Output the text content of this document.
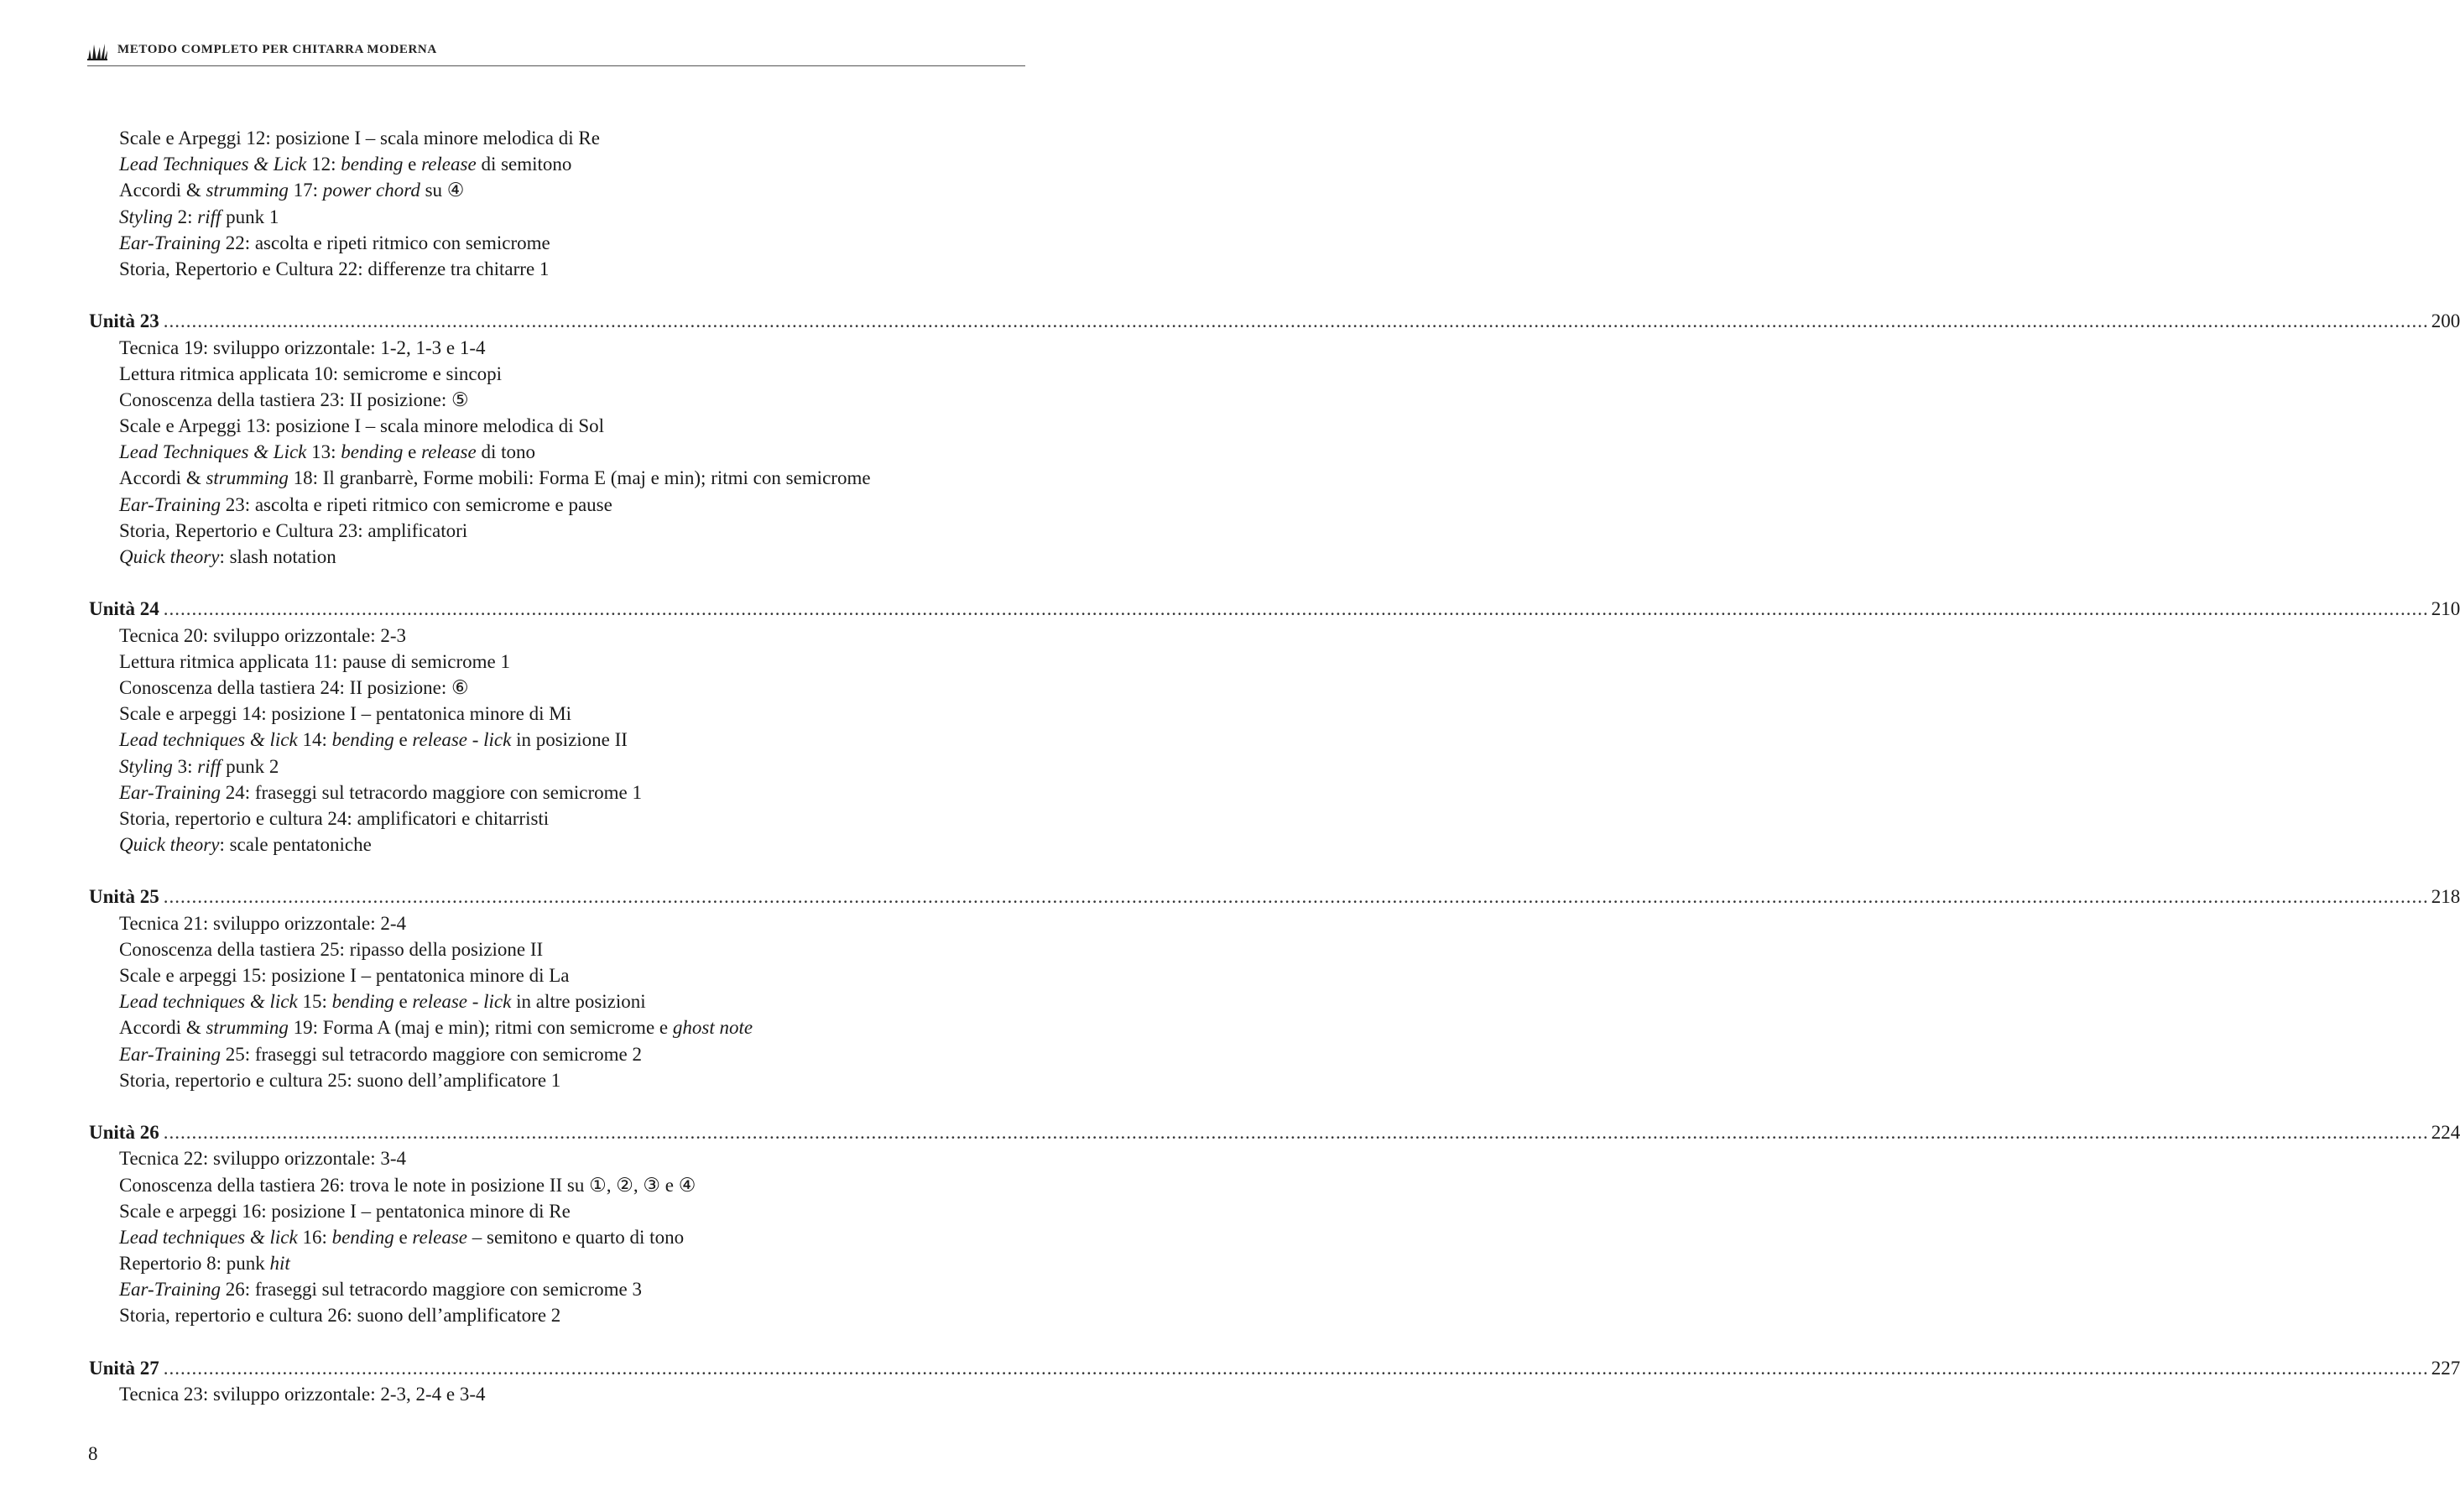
METODO COMPLETO PER CHITARRA MODERNA
Scale e Arpeggi 12: posizione I – scala minore melodica di Re
Lead Techniques & Lick 12: bending e release di semitono
Accordi & strumming 17: power chord su ④
Styling 2: riff punk 1
Ear-Training 22: ascolta e ripeti ritmico con semicrome
Storia, Repertorio e Cultura 22: differenze tra chitarre 1
Unità 23 ................................................................................................................................................................................................................................................................................................................................................................................................................ 200
Tecnica 19: sviluppo orizzontale: 1-2, 1-3 e 1-4
Lettura ritmica applicata 10: semicrome e sincopi
Conoscenza della tastiera 23: II posizione: ⑤
Scale e Arpeggi 13: posizione I – scala minore melodica di Sol
Lead Techniques & Lick 13: bending e release di tono
Accordi & strumming 18: Il granbarrè, Forme mobili: Forma E (maj e min); ritmi con semicrome
Ear-Training 23: ascolta e ripeti ritmico con semicrome e pause
Storia, Repertorio e Cultura 23: amplificatori
Quick theory: slash notation
Unità 24 ................................................................................................................................................................................................................................................................................................................................................................................................................ 210
Tecnica 20: sviluppo orizzontale: 2-3
Lettura ritmica applicata 11: pause di semicrome 1
Conoscenza della tastiera 24: II posizione: ⑥
Scale e arpeggi 14: posizione I – pentatonica minore di Mi
Lead techniques & lick 14: bending e release - lick in posizione II
Styling 3: riff punk 2
Ear-Training 24: fraseggi sul tetracordo maggiore con semicrome 1
Storia, repertorio e cultura 24: amplificatori e chitarristi
Quick theory: scale pentatoniche
Unità 25 ................................................................................................................................................................................................................................................................................................................................................................................................................ 218
Tecnica 21: sviluppo orizzontale: 2-4
Conoscenza della tastiera 25: ripasso della posizione II
Scale e arpeggi 15: posizione I – pentatonica minore di La
Lead techniques & lick 15: bending e release - lick in altre posizioni
Accordi & strumming 19: Forma A (maj e min); ritmi con semicrome e ghost note
Ear-Training 25: fraseggi sul tetracordo maggiore con semicrome 2
Storia, repertorio e cultura 25: suono dell’amplificatore 1
Unità 26 ................................................................................................................................................................................................................................................................................................................................................................................................................ 224
Tecnica 22: sviluppo orizzontale: 3-4
Conoscenza della tastiera 26: trova le note in posizione II su ①, ②, ③ e ④
Scale e arpeggi 16: posizione I – pentatonica minore di Re
Lead techniques & lick 16: bending e release – semitono e quarto di tono
Repertorio 8: punk hit
Ear-Training 26: fraseggi sul tetracordo maggiore con semicrome 3
Storia, repertorio e cultura 26: suono dell’amplificatore 2
Unità 27 ................................................................................................................................................................................................................................................................................................................................................................................................................ 227
Tecnica 23: sviluppo orizzontale: 2-3, 2-4 e 3-4
8
